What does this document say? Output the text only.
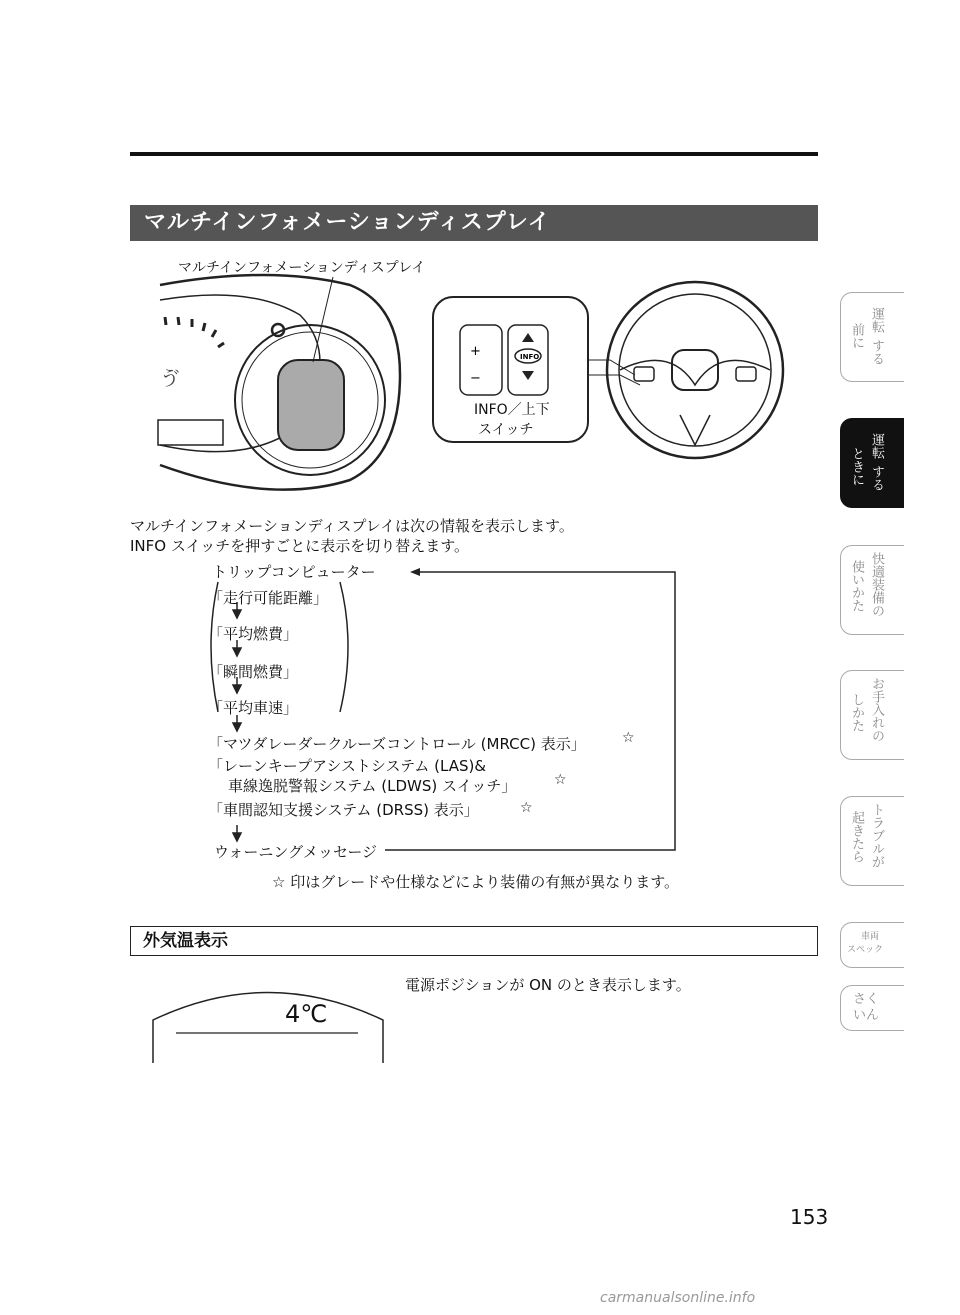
マルチインフォメーションディスプレイ
ゔ
+
−
INFO
マルチインフォメーションディスプレイ
INFO／上下
スイッチ
マルチインフォメーションディスプレイは次の情報を表示します。
INFO スイッチを押すごとに表示を切り替えます。
トリップコンピューター
「走行可能距離」
「平均燃費」
「瞬間燃費」
「平均車速」
「マツダレーダークルーズコントロール (MRCC) 表示」	☆
「レーンキープアシストシステム (LAS)&
車線逸脱警報システム (LDWS) スイッチ」	☆
「車間認知支援システム (DRSS) 表示」	☆
ウォーニングメッセージ
☆ 印はグレードや仕様などにより装備の有無が異なります。
外気温表示
電源ポジションが ON のとき表示します。
4℃
運転
前に
する
運転
ときに する
快適装備の
使いかた
お手入れの
しかた
トラブルが
起きたら
車両
スペック
さく
いん
153
carmanualsonline.info
